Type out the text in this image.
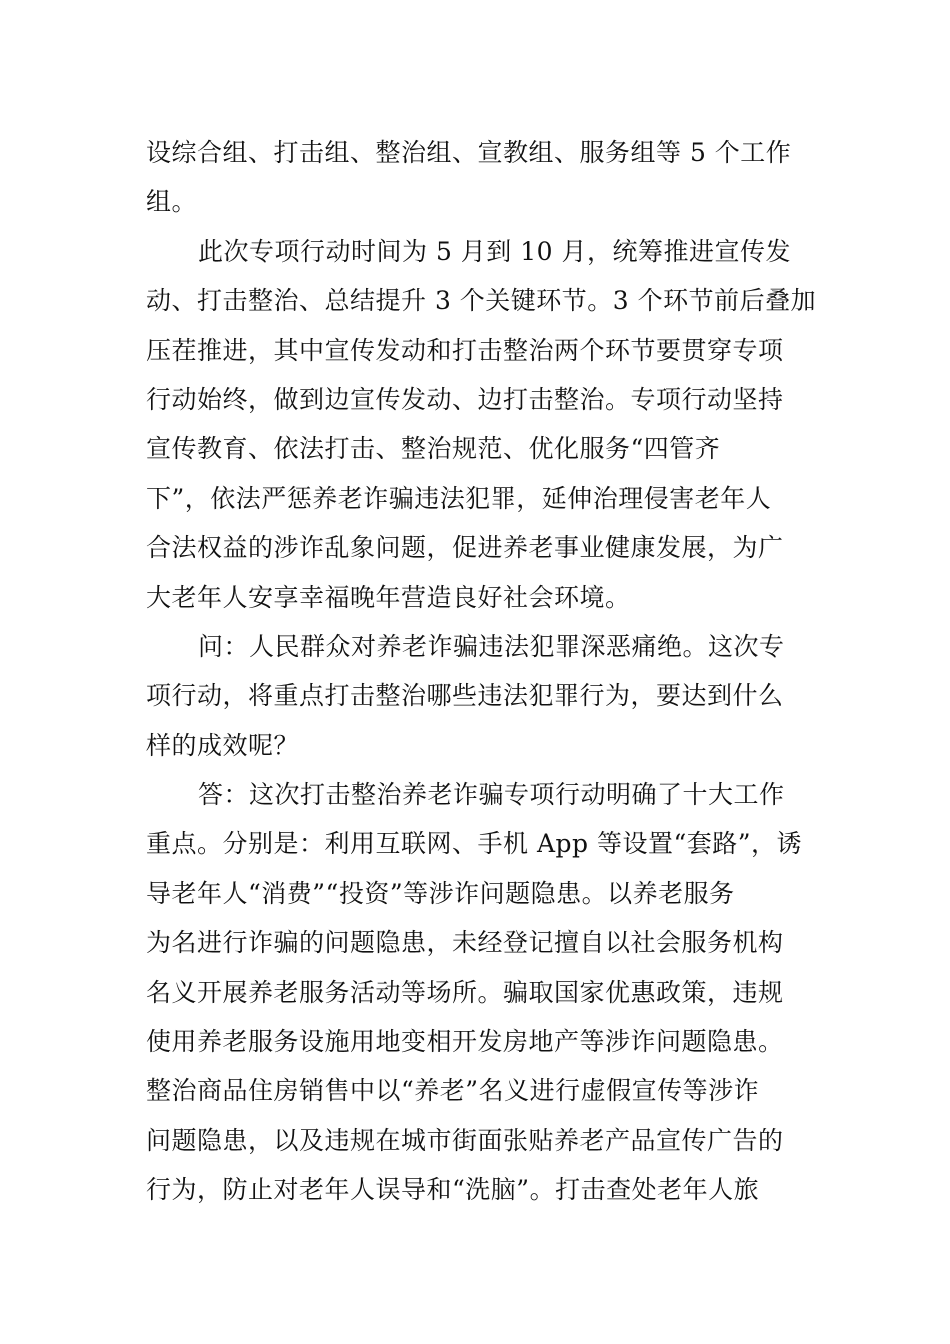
设综合组、打击组、整治组、宣教组、服务组等 5 个工作
组。
此次专项行动时间为 5 月到 10 月，统筹推进宣传发
动、打击整治、总结提升 3 个关键环节。3 个环节前后叠加
压茬推进，其中宣传发动和打击整治两个环节要贯穿专项
行动始终，做到边宣传发动、边打击整治。专项行动坚持
宣传教育、依法打击、整治规范、优化服务“四管齐
下”，依法严惩养老诈骗违法犯罪，延伸治理侵害老年人
合法权益的涉诈乱象问题，促进养老事业健康发展，为广
大老年人安享幸福晚年营造良好社会环境。
问：人民群众对养老诈骗违法犯罪深恶痛绝。这次专
项行动，将重点打击整治哪些违法犯罪行为，要达到什么
样的成效呢？
答：这次打击整治养老诈骗专项行动明确了十大工作
重点。分别是：利用互联网、手机 App 等设置“套路”，诱
导老年人“消费”“投资”等涉诈问题隐患。以养老服务
为名进行诈骗的问题隐患，未经登记擅自以社会服务机构
名义开展养老服务活动等场所。骗取国家优惠政策，违规
使用养老服务设施用地变相开发房地产等涉诈问题隐患。
整治商品住房销售中以“养老”名义进行虚假宣传等涉诈
问题隐患，以及违规在城市街面张贴养老产品宣传广告的
行为，防止对老年人误导和“洗脑”。打击查处老年人旅
